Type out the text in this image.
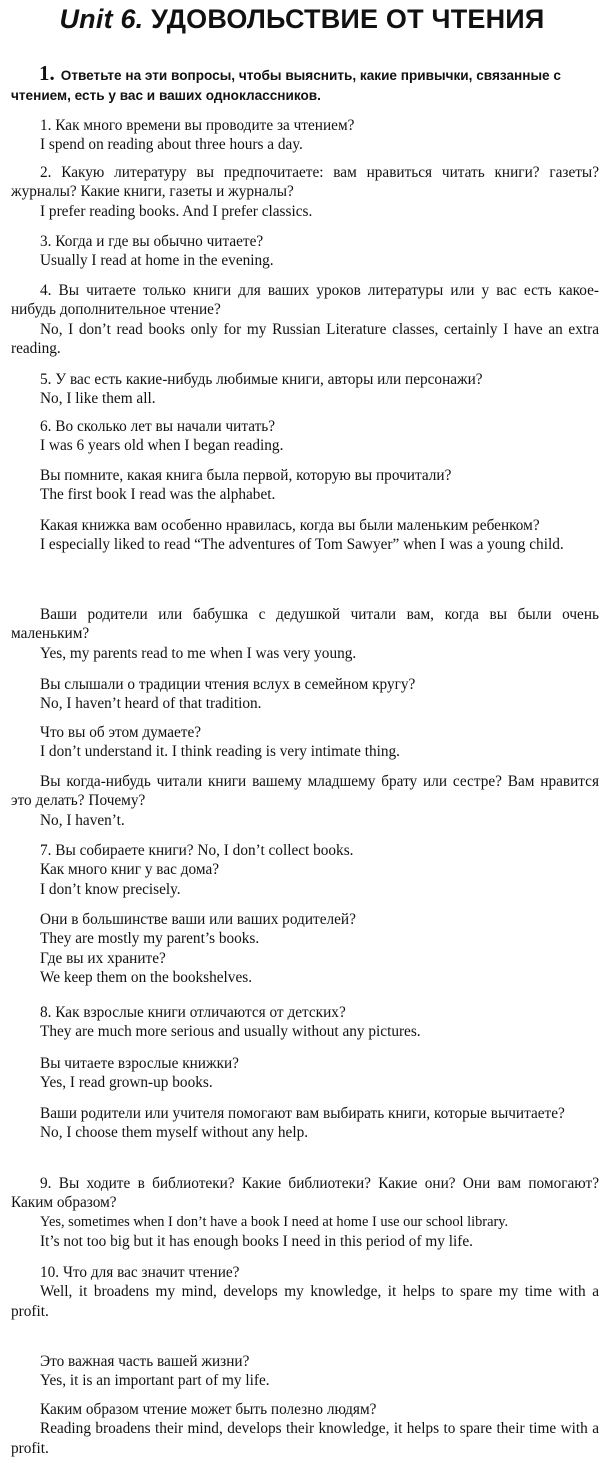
Unit 6. УДОВОЛЬСТВИЕ ОТ ЧТЕНИЯ
1. Ответьте на эти вопросы, чтобы выяснить, какие привычки, связанные с чтением, есть у вас и ваших одноклассников.
1. Как много времени вы проводите за чтением?
I spend on reading about three hours a day.
2. Какую литературу вы предпочитаете: вам нравиться читать книги? газеты? журналы? Какие книги, газеты и журналы?
I prefer reading books. And I prefer classics.
3. Когда и где вы обычно читаете?
Usually I read at home in the evening.
4. Вы читаете только книги для ваших уроков литературы или у вас есть какое-нибудь дополнительное чтение?
No, I don’t read books only for my Russian Literature classes, certainly I have an extra reading.
5. У вас есть какие-нибудь любимые книги, авторы или персонажи?
No, I like them all.
6. Во сколько лет вы начали читать?
I was 6 years old when I began reading.
Вы помните, какая книга была первой, которую вы прочитали?
The first book I read was the alphabet.
Какая книжка вам особенно нравилась, когда вы были маленьким ребенком?
I especially liked to read “The adventures of Tom Sawyer” when I was a young child.
Ваши родители или бабушка с дедушкой читали вам, когда вы были очень маленьким?
Yes, my parents read to me when I was very young.
Вы слышали о традиции чтения вслух в семейном кругу?
No, I haven’t heard of that tradition.
Что вы об этом думаете?
I don’t understand it. I think reading is very intimate thing.
Вы когда-нибудь читали книги вашему младшему брату или сестре? Вам нравится это делать? Почему?
No, I haven’t.
7. Вы собираете книги? No, I don’t collect books.
Как много книг у вас дома?
I don’t know precisely.
Они в большинстве ваши или ваших родителей?
They are mostly my parent’s books.
Где вы их храните?
We keep them on the bookshelves.
8. Как взрослые книги отличаются от детских?
They are much more serious and usually without any pictures.
Вы читаете взрослые книжки?
Yes, I read grown-up books.
Ваши родители или учителя помогают вам выбирать книги, которые вычитаете?
No, I choose them myself without any help.
9. Вы ходите в библиотеки? Какие библиотеки? Какие они? Они вам помогают? Каким образом?
Yes, sometimes when I don’t have a book I need at home I use our school library.
It’s not too big but it has enough books I need in this period of my life.
10. Что для вас значит чтение?
Well, it broadens my mind, develops my knowledge, it helps to spare my time with a profit.
Это важная часть вашей жизни?
Yes, it is an important part of my life.
Каким образом чтение может быть полезно людям?
Reading broadens their mind, develops their knowledge, it helps to spare their time with a profit.
